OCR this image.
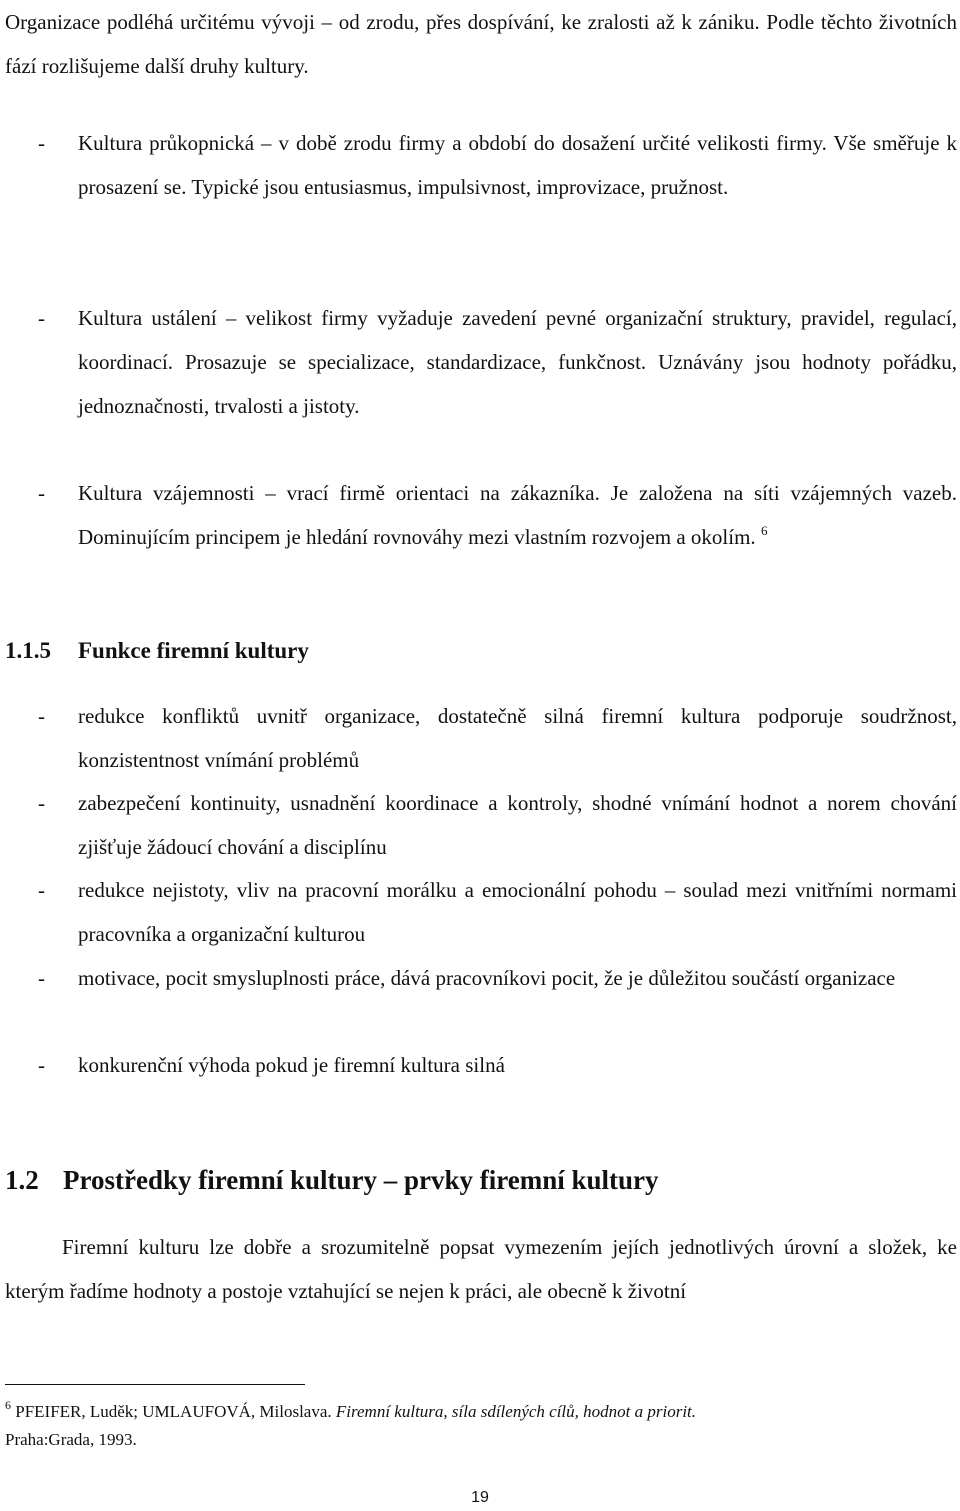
Organizace podléhá určitému vývoji – od zrodu, přes dospívání, ke zralosti až k zániku. Podle těchto životních fází rozlišujeme další druhy kultury.

- Kultura průkopnická – v době zrodu firmy a období do dosažení určité velikosti firmy. Vše směřuje k prosazení se. Typické jsou entusiasmus, impulsivnost, improvizace, pružnost.
- Kultura ustálení – velikost firmy vyžaduje zavedení pevné organizační struktury, pravidel, regulací, koordinací. Prosazuje se specializace, standardizace, funkčnost. Uznávány jsou hodnoty pořádku, jednoznačnosti, trvalosti a jistoty.
- Kultura vzájemnosti – vrací firmě orientaci na zákazníka. Je založena na síti vzájemných vazeb. Dominujícím principem je hledání rovnováhy mezi vlastním rozvojem a okolím. $^6$
1.1.5 Funkce firemní kultury
- redukce konfliktů uvnitř organizace, dostatečně silná firemní kultura podporuje soudržnost, konzistentnost vnímání problémů
- zabezpečení kontinuity, usnadnění koordinace a kontroly, shodné vnímání hodnot a norem chování zjišťuje žádoucí chování a disciplínu
- redukce nejistoty, vliv na pracovní morálku a emocionální pohodu – soulad mezi vnitřními normami pracovníka a organizační kulturou
- motivace, pocit smysluplnosti práce, dává pracovníkovi pocit, že je důležitou součástí organizace
- konkurenční výhoda pokud je firemní kultura silná
1.2 Prostředky firemní kultury – prvky firemní kultury

Firemní kulturu lze dobře a srozumitelně popsat vymezením jejích jednotlivých úrovní a složek, ke kterým řadíme hodnoty a postoje vztahující se nejen k práci, ale obecně k životní

$^6$ PFEIFER, Luděk; UMLAUFOVÁ, Miloslava. Firemní kultura, síla sdílených cílů, hodnot a priorit.
Praha:Grada, 1993.

19
